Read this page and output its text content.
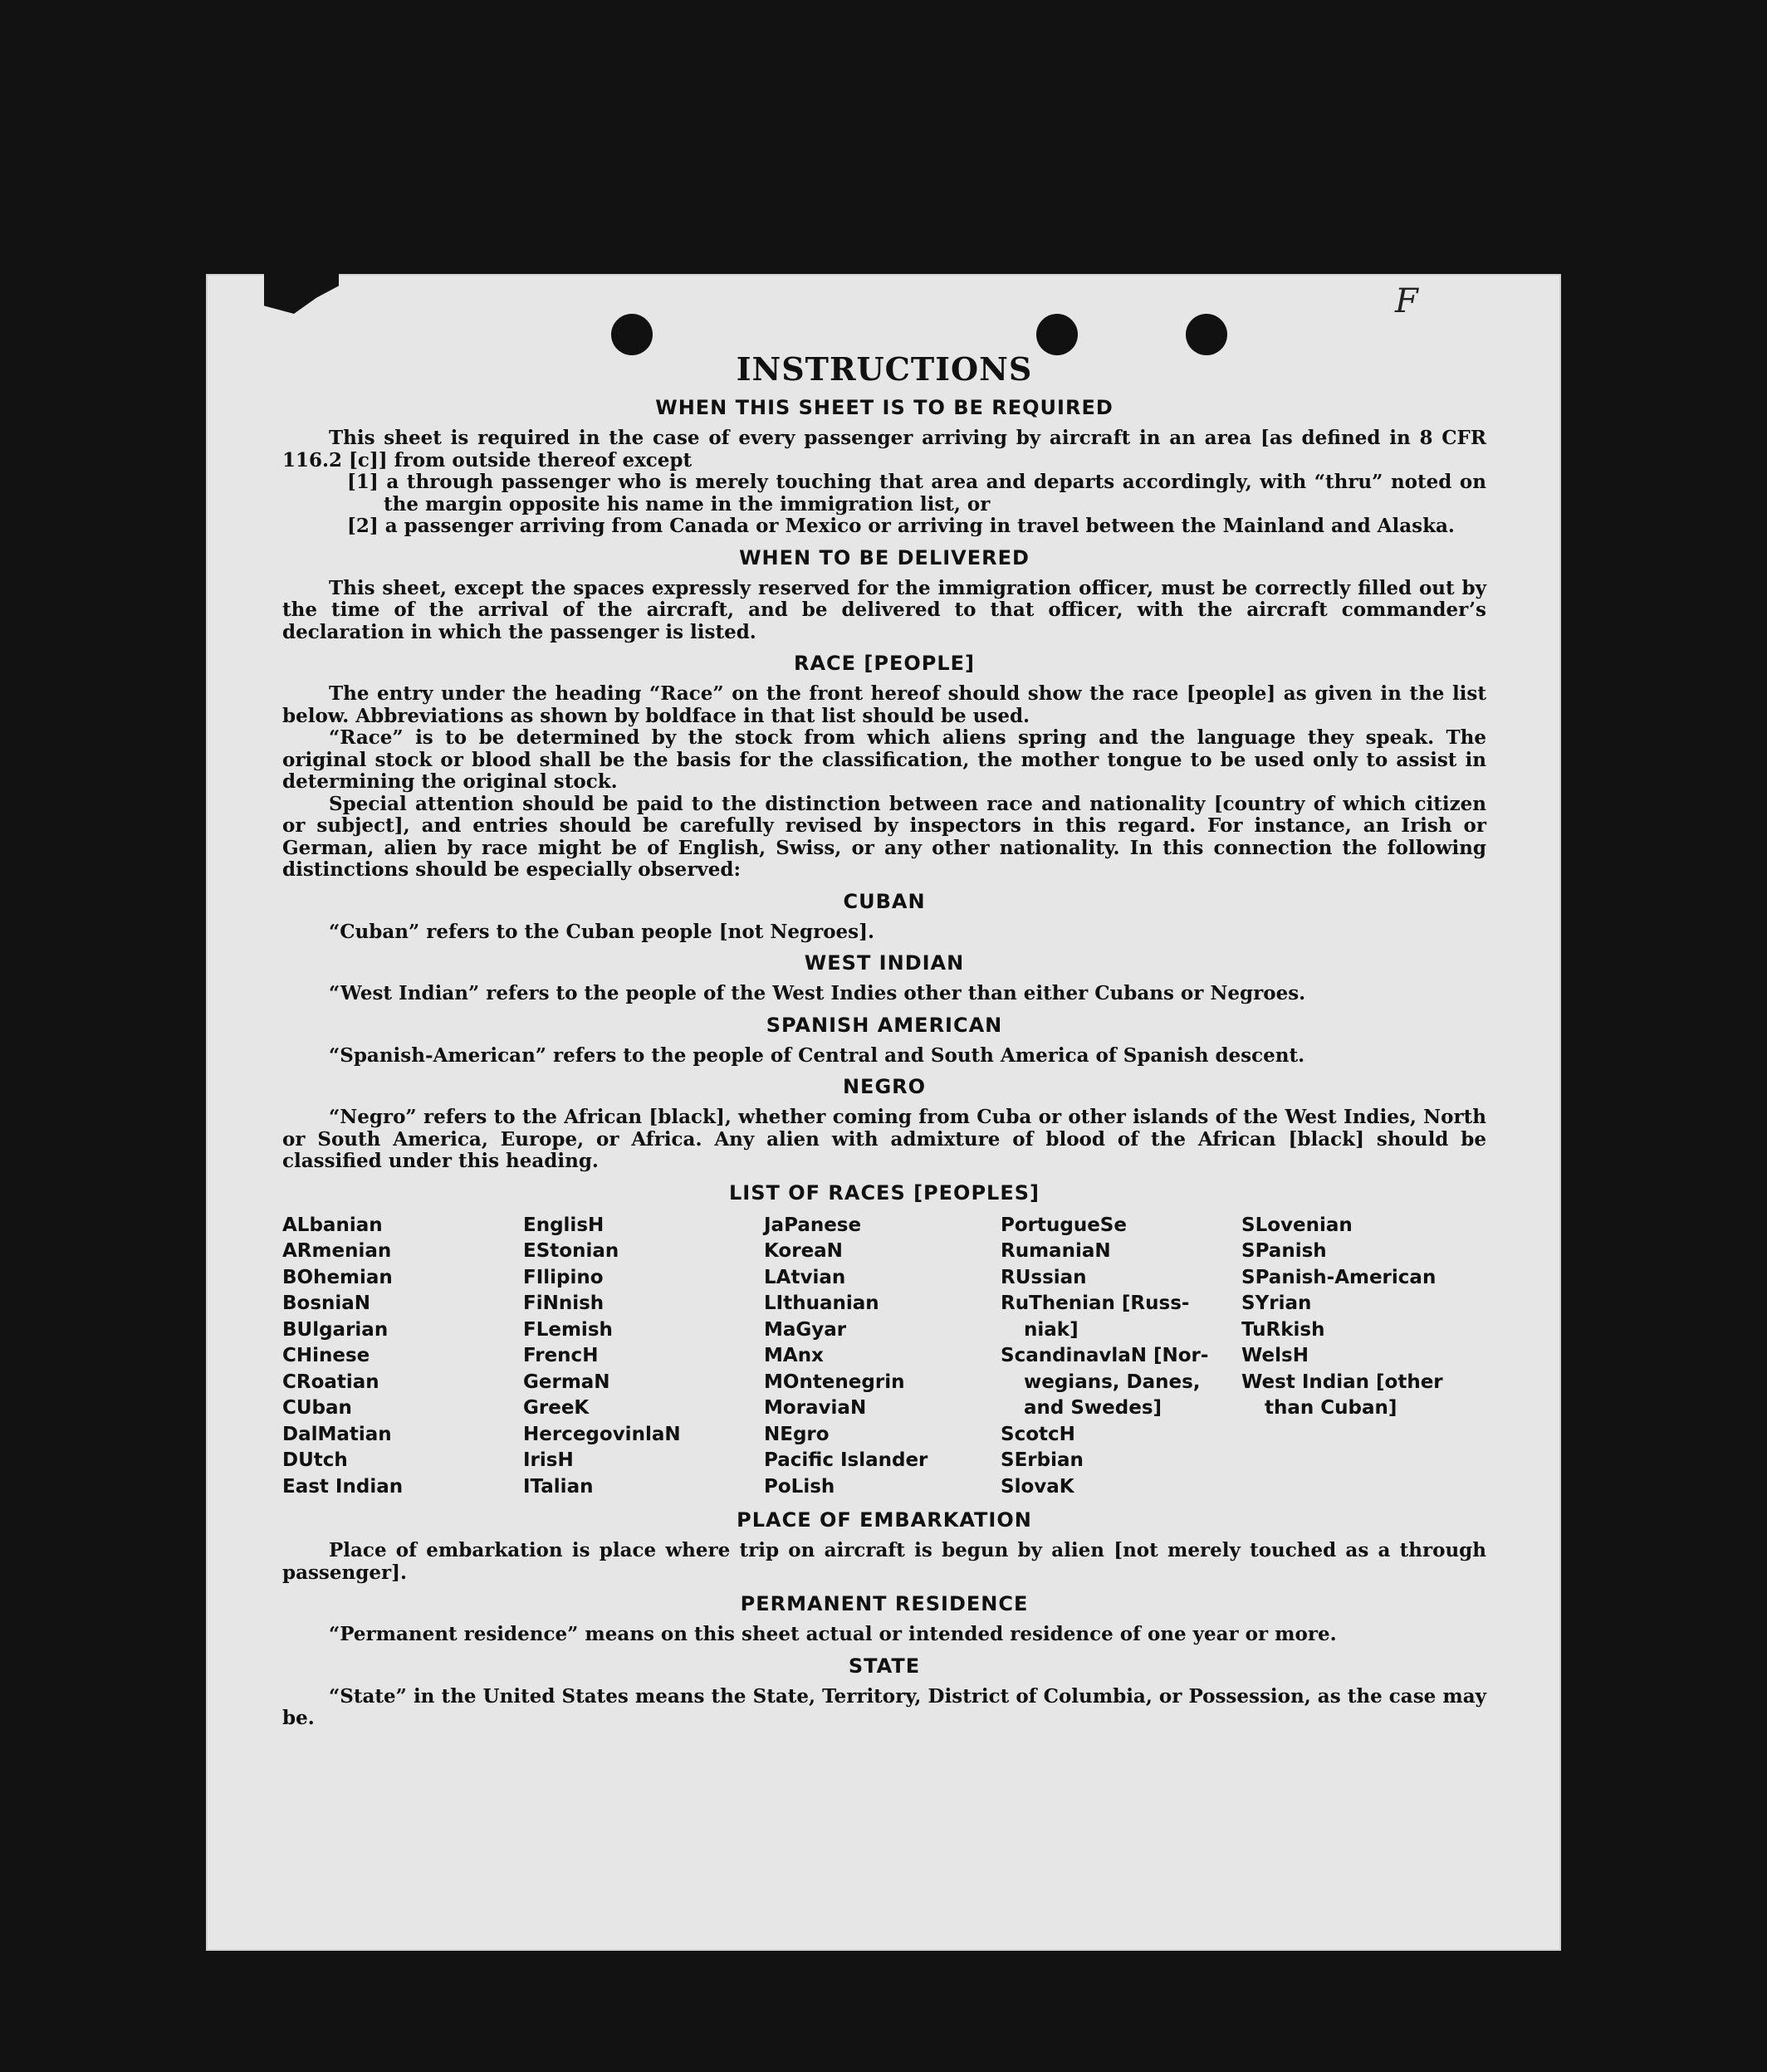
F
INSTRUCTIONS
WHEN THIS SHEET IS TO BE REQUIRED

This sheet is required in the case of every passenger arriving by aircraft in an area [as defined in 8 CFR 116.2 [c]] from outside thereof except

[1] a through passenger who is merely touching that area and departs accordingly, with “thru” noted on the margin opposite his name in the immigration list, or

[2] a passenger arriving from Canada or Mexico or arriving in travel between the Mainland and Alaska.

WHEN TO BE DELIVERED

This sheet, except the spaces expressly reserved for the immigration officer, must be correctly filled out by the time of the arrival of the aircraft, and be delivered to that officer, with the aircraft commander’s declaration in which the passenger is listed.

RACE [PEOPLE]

The entry under the heading “Race” on the front hereof should show the race [people] as given in the list below. Abbreviations as shown by boldface in that list should be used.

“Race” is to be determined by the stock from which aliens spring and the language they speak. The original stock or blood shall be the basis for the classification, the mother tongue to be used only to assist in determining the original stock.

Special attention should be paid to the distinction between race and nationality [country of which citizen or subject], and entries should be carefully revised by inspectors in this regard. For instance, an Irish or German, alien by race might be of English, Swiss, or any other nationality. In this connection the following distinctions should be especially observed:

CUBAN

“Cuban” refers to the Cuban people [not Negroes].

WEST INDIAN

“West Indian” refers to the people of the West Indies other than either Cubans or Negroes.

SPANISH AMERICAN

“Spanish-American” refers to the people of Central and South America of Spanish descent.

NEGRO

“Negro” refers to the African [black], whether coming from Cuba or other islands of the West Indies, North or South America, Europe, or Africa. Any alien with admixture of blood of the African [black] should be classified under this heading.

LIST OF RACES [PEOPLES]
ALbanian
ARmenian
BOhemian
BosniaN
BUlgarian
CHinese
CRoatian
CUban
DalMatian
DUtch
East Indian
EnglisH
EStonian
FIlipino
FiNnish
FLemish
FrencH
GermaN
GreeK
HercegovinlaN
IrisH
ITalian
JaPanese
KoreaN
LAtvian
LIthuanian
MaGyar
MAnx
MOntenegrin
MoraviaN
NEgro
Pacific Islander
PoLish
PortugueSe
RumaniaN
RUssian
RuThenian [Russ-
niak]
ScandinavlaN [Nor-
wegians, Danes,
and Swedes]
ScotcH
SErbian
SlovaK
SLovenian
SPanish
SPanish-American
SYrian
TuRkish
WelsH
West Indian [other
than Cuban]
PLACE OF EMBARKATION

Place of embarkation is place where trip on aircraft is begun by alien [not merely touched as a through passenger].

PERMANENT RESIDENCE

“Permanent residence” means on this sheet actual or intended residence of one year or more.

STATE

“State” in the United States means the State, Territory, District of Columbia, or Possession, as the case may be.
